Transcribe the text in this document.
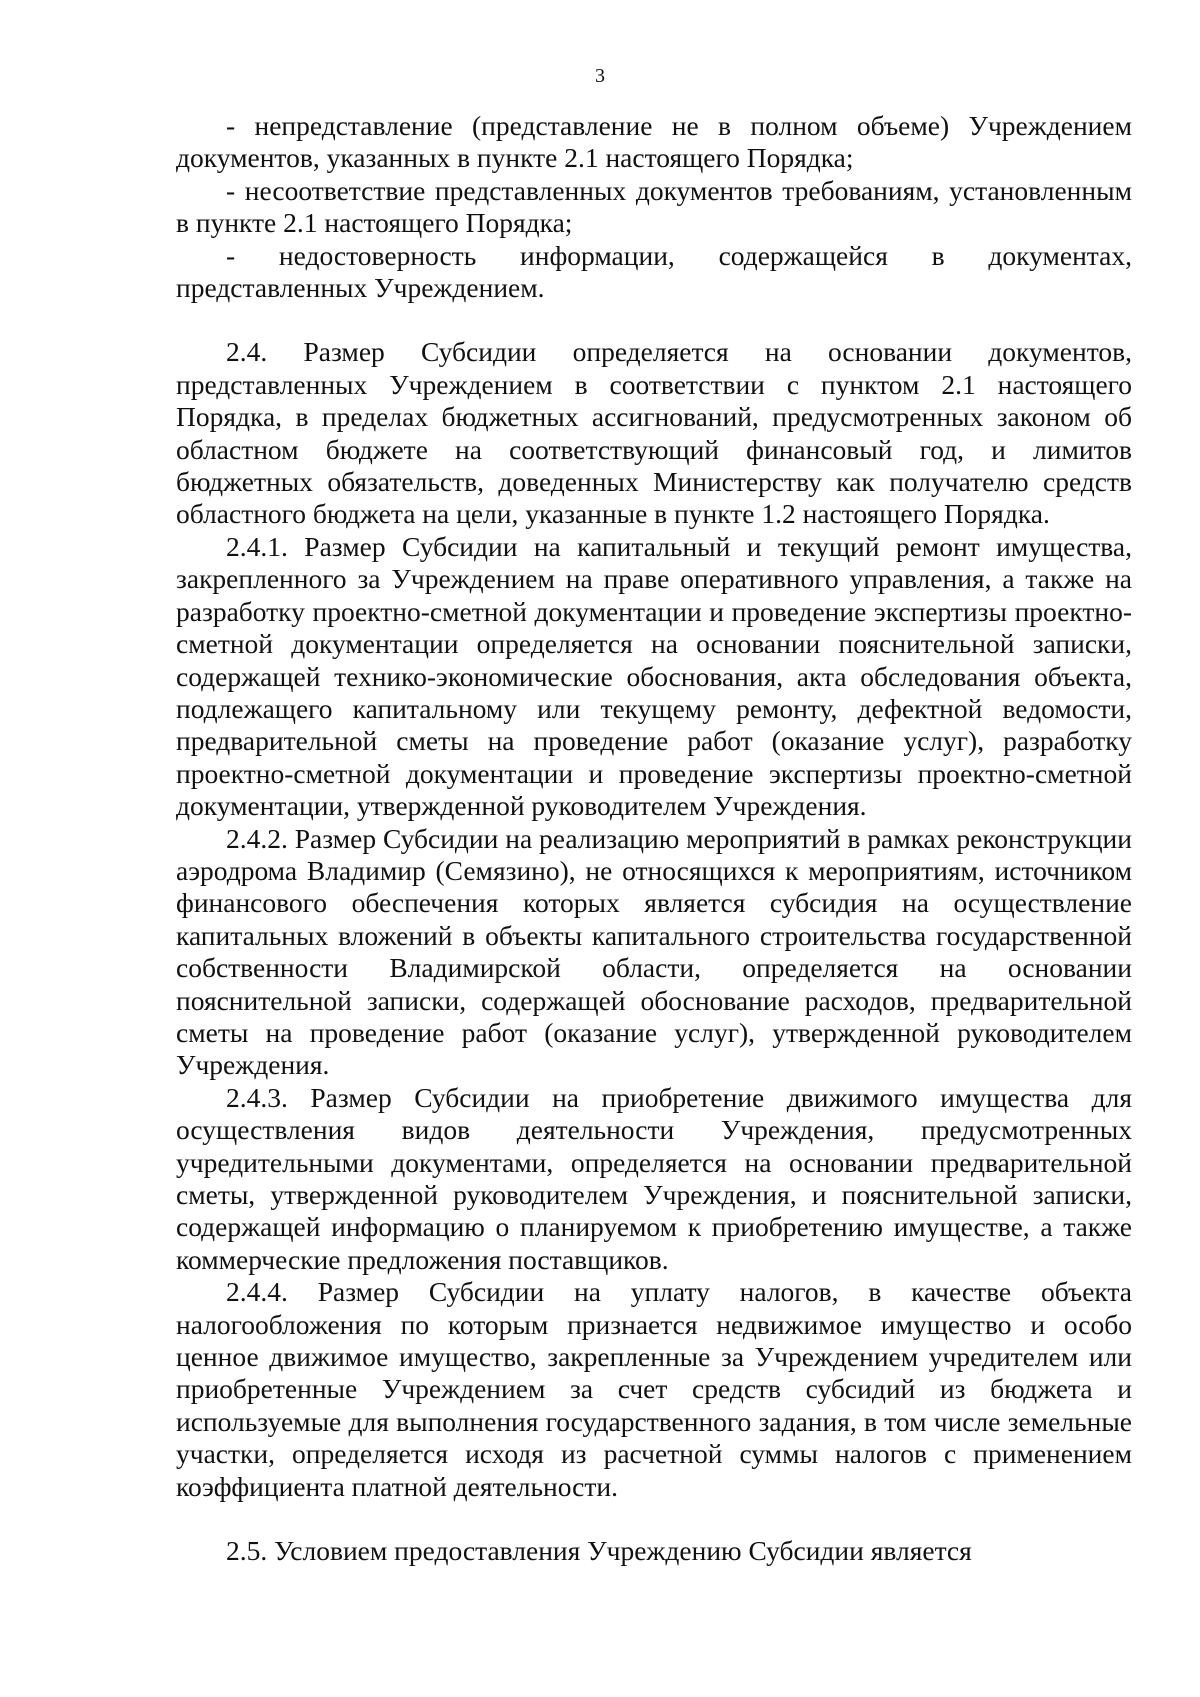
3

- непредставление (представление не в полном объеме) Учреждением документов, указанных в пункте 2.1 настоящего Порядка;

- несоответствие представленных документов требованиям, установленным в пункте 2.1 настоящего Порядка;

- недостоверность информации, содержащейся в документах, представленных Учреждением.

2.4. Размер Субсидии определяется на основании документов, представленных Учреждением в соответствии с пунктом 2.1 настоящего Порядка, в пределах бюджетных ассигнований, предусмотренных законом об областном бюджете на соответствующий финансовый год, и лимитов бюджетных обязательств, доведенных Министерству как получателю средств областного бюджета на цели, указанные в пункте 1.2 настоящего Порядка.

2.4.1. Размер Субсидии на капитальный и текущий ремонт имущества, закрепленного за Учреждением на праве оперативного управления, а также на разработку проектно-сметной документации и проведение экспертизы проектно-сметной документации определяется на основании пояснительной записки, содержащей технико-экономические обоснования, акта обследования объекта, подлежащего капитальному или текущему ремонту, дефектной ведомости, предварительной сметы на проведение работ (оказание услуг), разработку проектно-сметной документации и проведение экспертизы проектно-сметной документации, утвержденной руководителем Учреждения.

2.4.2. Размер Субсидии на реализацию мероприятий в рамках реконструкции аэродрома Владимир (Семязино), не относящихся к мероприятиям, источником финансового обеспечения которых является субсидия на осуществление капитальных вложений в объекты капитального строительства государственной собственности Владимирской области, определяется на основании пояснительной записки, содержащей обоснование расходов, предварительной сметы на проведение работ (оказание услуг), утвержденной руководителем Учреждения.

2.4.3. Размер Субсидии на приобретение движимого имущества для осуществления видов деятельности Учреждения, предусмотренных учредительными документами, определяется на основании предварительной сметы, утвержденной руководителем Учреждения, и пояснительной записки, содержащей информацию о планируемом к приобретению имуществе, а также коммерческие предложения поставщиков.

2.4.4. Размер Субсидии на уплату налогов, в качестве объекта налогообложения по которым признается недвижимое имущество и особо ценное движимое имущество, закрепленные за Учреждением учредителем или приобретенные Учреждением за счет средств субсидий из бюджета и используемые для выполнения государственного задания, в том числе земельные участки, определяется исходя из расчетной суммы налогов с применением коэффициента платной деятельности.

2.5. Условием предоставления Учреждению Субсидии является
